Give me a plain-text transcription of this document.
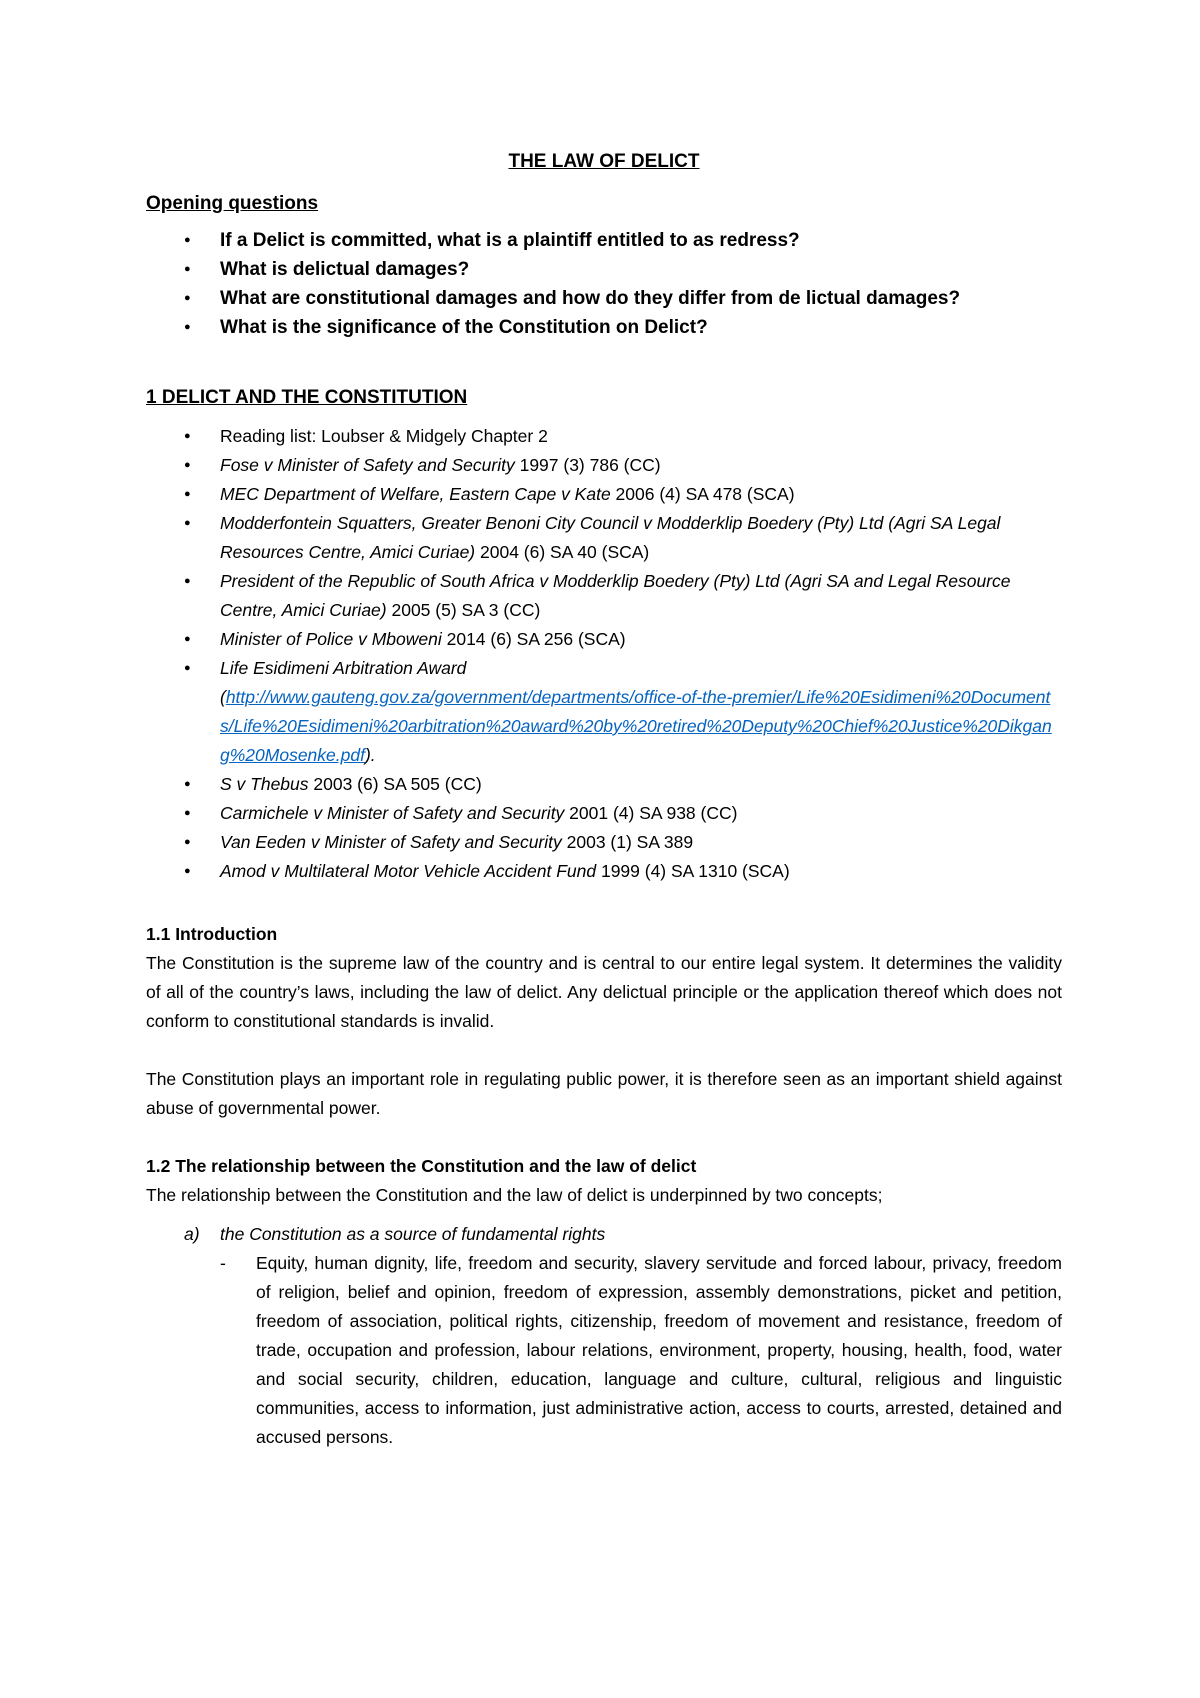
THE LAW OF DELICT
Opening questions
● If a Delict is committed, what is a plaintiff entitled to as redress?
● What is delictual damages?
● What are constitutional damages and how do they differ from de lictual damages?
● What is the significance of the Constitution on Delict?
1 DELICT AND THE CONSTITUTION
● Reading list: Loubser & Midgely Chapter 2
● Fose v Minister of Safety and Security 1997 (3) 786 (CC)
● MEC Department of Welfare, Eastern Cape v Kate 2006 (4) SA 478 (SCA)
● Modderfontein Squatters, Greater Benoni City Council v Modderklip Boedery (Pty) Ltd (Agri SA Legal Resources Centre, Amici Curiae) 2004 (6) SA 40 (SCA)
● President of the Republic of South Africa v Modderklip Boedery (Pty) Ltd (Agri SA and Legal Resource Centre, Amici Curiae) 2005 (5) SA 3 (CC)
● Minister of Police v Mboweni 2014 (6) SA 256 (SCA)
● Life Esidimeni Arbitration Award
(http://www.gauteng.gov.za/government/departments/office-of-the-premier/Life%20Esidimeni%20Documents/Life%20Esidimeni%20arbitration%20award%20by%20retired%20Deputy%20Chief%20Justice%20Dikgang%20Mosenke.pdf).
● S v Thebus 2003 (6) SA 505 (CC)
● Carmichele v Minister of Safety and Security 2001 (4) SA 938 (CC)
● Van Eeden v Minister of Safety and Security 2003 (1) SA 389
● Amod v Multilateral Motor Vehicle Accident Fund 1999 (4) SA 1310 (SCA)
1.1 Introduction

The Constitution is the supreme law of the country and is central to our entire legal system. It determines the validity of all of the country’s laws, including the law of delict. Any delictual principle or the application thereof which does not conform to constitutional standards is invalid.

The Constitution plays an important role in regulating public power, it is therefore seen as an important shield against abuse of governmental power.

1.2 The relationship between the Constitution and the law of delict

The relationship between the Constitution and the law of delict is underpinned by two concepts;

a) the Constitution as a source of fundamental rights

- Equity, human dignity, life, freedom and security, slavery servitude and forced labour, privacy, freedom of religion, belief and opinion, freedom of expression, assembly demonstrations, picket and petition, freedom of association, political rights, citizenship, freedom of movement and resistance, freedom of trade, occupation and profession, labour relations, environment, property, housing, health, food, water and social security, children, education, language and culture, cultural, religious and linguistic communities, access to information, just administrative action, access to courts, arrested, detained and accused persons.
